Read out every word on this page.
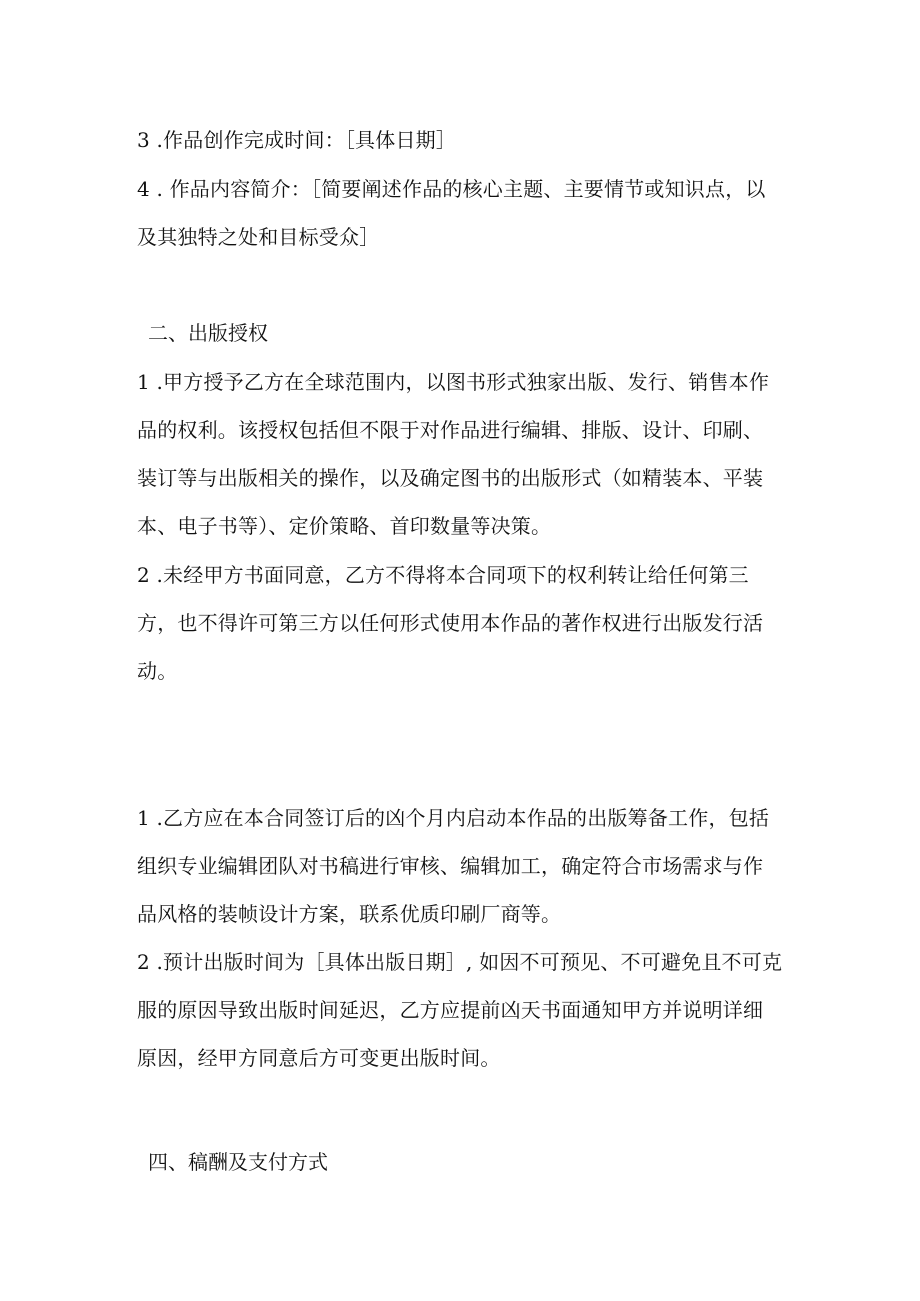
3 .作品创作完成时间：［具体日期］
4 . 作品内容简介：［简要阐述作品的核心主题、主要情节或知识点，以
及其独特之处和目标受众］
二、出版授权
1 .甲方授予乙方在全球范围内，以图书形式独家出版、发行、销售本作
品的权利。该授权包括但不限于对作品进行编辑、排版、设计、印刷、
装订等与出版相关的操作，以及确定图书的出版形式（如精装本、平装
本、电子书等）、定价策略、首印数量等决策。
2 .未经甲方书面同意，乙方不得将本合同项下的权利转让给任何第三
方，也不得许可第三方以任何形式使用本作品的著作权进行出版发行活
动。
1 .乙方应在本合同签订后的凶个月内启动本作品的出版筹备工作，包括
组织专业编辑团队对书稿进行审核、编辑加工，确定符合市场需求与作
品风格的装帧设计方案，联系优质印刷厂商等。
2 .预计出版时间为［具体出版日期］, 如因不可预见、不可避免且不可克
服的原因导致出版时间延迟，乙方应提前凶天书面通知甲方并说明详细
原因，经甲方同意后方可变更出版时间。
四、稿酬及支付方式
